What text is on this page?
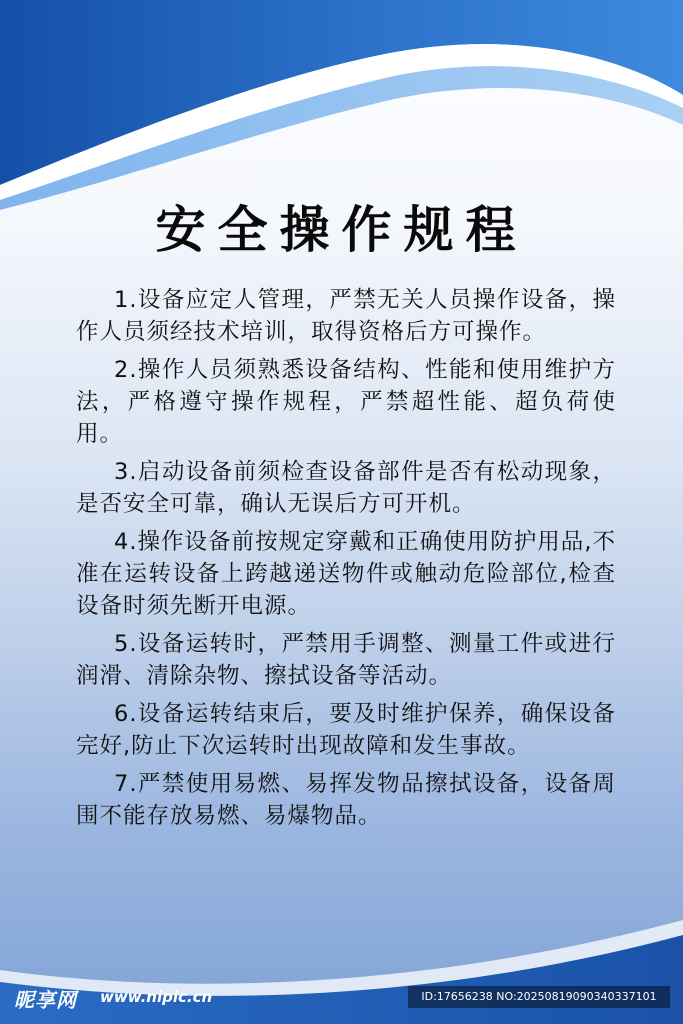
安全操作规程

1.设备应定人管理，严禁无关人员操作设备，操作人员须经技术培训，取得资格后方可操作。

2.操作人员须熟悉设备结构、性能和使用维护方法，严格遵守操作规程，严禁超性能、超负荷使用。

3.启动设备前须检查设备部件是否有松动现象，是否安全可靠，确认无误后方可开机。

4.操作设备前按规定穿戴和正确使用防护用品,不准在运转设备上跨越递送物件或触动危险部位,检查设备时须先断开电源。

5.设备运转时，严禁用手调整、测量工件或进行润滑、清除杂物、擦拭设备等活动。

6.设备运转结束后，要及时维护保养，确保设备完好,防止下次运转时出现故障和发生事故。

7.严禁使用易燃、易挥发物品擦拭设备，设备周围不能存放易燃、易爆物品。

昵享网 www.nipic.cn	ID:17656238 NO:20250819090340337101
